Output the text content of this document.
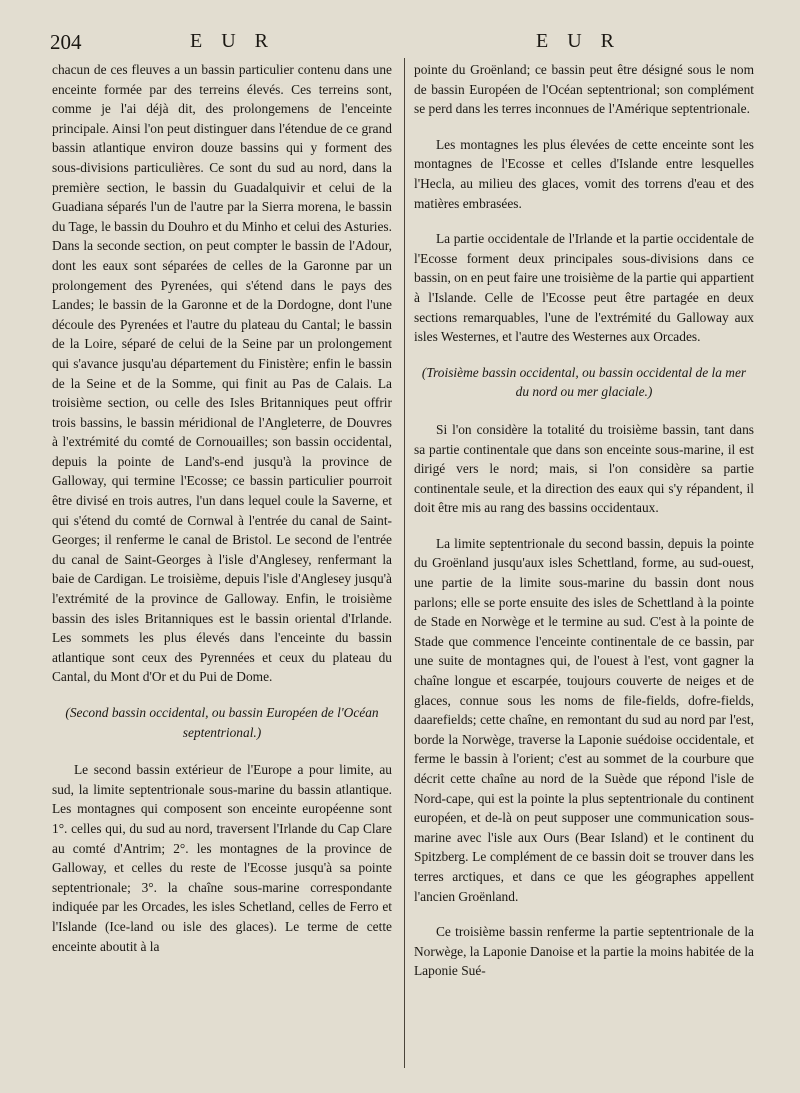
204	E U R	E U R

chacun de ces fleuves a un bassin particulier contenu dans une enceinte formée par des terreins élevés. Ces terreins sont, comme je l'ai déjà dit, des prolongemens de l'enceinte principale. Ainsi l'on peut distinguer dans l'étendue de ce grand bassin atlantique environ douze bassins qui y forment des sous-divisions particulières. Ce sont du sud au nord, dans la première section, le bassin du Guadalquivir et celui de la Guadiana séparés l'un de l'autre par la Sierra morena, le bassin du Tage, le bassin du Douhro et du Minho et celui des Asturies. Dans la seconde section, on peut compter le bassin de l'Adour, dont les eaux sont séparées de celles de la Garonne par un prolongement des Pyrenées, qui s'étend dans le pays des Landes; le bassin de la Garonne et de la Dordogne, dont l'une découle des Pyrenées et l'autre du plateau du Cantal; le bassin de la Loire, séparé de celui de la Seine par un prolongement qui s'avance jusqu'au département du Finistère; enfin le bassin de la Seine et de la Somme, qui finit au Pas de Calais. La troisième section, ou celle des Isles Britanniques peut offrir trois bassins, le bassin méridional de l'Angleterre, de Douvres à l'extrémité du comté de Cornouailles; son bassin occidental, depuis la pointe de Land's-end jusqu'à la province de Galloway, qui termine l'Ecosse; ce bassin particulier pourroit être divisé en trois autres, l'un dans lequel coule la Saverne, et qui s'étend du comté de Cornwal à l'entrée du canal de Saint-Georges; il renferme le canal de Bristol. Le second de l'entrée du canal de Saint-Georges à l'isle d'Anglesey, renfermant la baie de Cardigan. Le troisième, depuis l'isle d'Anglesey jusqu'à l'extrémité de la province de Galloway. Enfin, le troisième bassin des isles Britanniques est le bassin oriental d'Irlande. Les sommets les plus élevés dans l'enceinte du bassin atlantique sont ceux des Pyrennées et ceux du plateau du Cantal, du Mont d'Or et du Pui de Dome.

(Second bassin occidental, ou bassin Européen de l'Océan septentrional.)

Le second bassin extérieur de l'Europe a pour limite, au sud, la limite septentrionale sous-marine du bassin atlantique. Les montagnes qui composent son enceinte européenne sont 1°. celles qui, du sud au nord, traversent l'Irlande du Cap Clare au comté d'Antrim; 2°. les montagnes de la province de Galloway, et celles du reste de l'Ecosse jusqu'à sa pointe septentrionale; 3°. la chaîne sous-marine correspondante indiquée par les Orcades, les isles Schetland, celles de Ferro et l'Islande (Ice-land ou isle des glaces). Le terme de cette enceinte aboutit à la

pointe du Groënland; ce bassin peut être désigné sous le nom de bassin Européen de l'Océan septentrional; son complément se perd dans les terres inconnues de l'Amérique septentrionale.

Les montagnes les plus élevées de cette enceinte sont les montagnes de l'Ecosse et celles d'Islande entre lesquelles l'Hecla, au milieu des glaces, vomit des torrens d'eau et des matières embrasées.

La partie occidentale de l'Irlande et la partie occidentale de l'Ecosse forment deux principales sous-divisions dans ce bassin, on en peut faire une troisième de la partie qui appartient à l'Islande. Celle de l'Ecosse peut être partagée en deux sections remarquables, l'une de l'extrémité du Galloway aux isles Westernes, et l'autre des Westernes aux Orcades.

(Troisième bassin occidental, ou bassin occidental de la mer du nord ou mer glaciale.)

Si l'on considère la totalité du troisième bassin, tant dans sa partie continentale que dans son enceinte sous-marine, il est dirigé vers le nord; mais, si l'on considère sa partie continentale seule, et la direction des eaux qui s'y répandent, il doit être mis au rang des bassins occidentaux.

La limite septentrionale du second bassin, depuis la pointe du Groënland jusqu'aux isles Schettland, forme, au sud-ouest, une partie de la limite sous-marine du bassin dont nous parlons; elle se porte ensuite des isles de Schettland à la pointe de Stade en Norwège et le termine au sud. C'est à la pointe de Stade que commence l'enceinte continentale de ce bassin, par une suite de montagnes qui, de l'ouest à l'est, vont gagner la chaîne longue et escarpée, toujours couverte de neiges et de glaces, connue sous les noms de file-fields, dofre-fields, daarefields; cette chaîne, en remontant du sud au nord par l'est, borde la Norwège, traverse la Laponie suédoise occidentale, et ferme le bassin à l'orient; c'est au sommet de la courbure que décrit cette chaîne au nord de la Suède que répond l'isle de Nord-cape, qui est la pointe la plus septentrionale du continent européen, et de-là on peut supposer une communication sous-marine avec l'isle aux Ours (Bear Island) et le continent du Spitzberg. Le complément de ce bassin doit se trouver dans les terres arctiques, et dans ce que les géographes appellent l'ancien Groënland.

Ce troisième bassin renferme la partie septentrionale de la Norwège, la Laponie Danoise et la partie la moins habitée de la Laponie Sué-
